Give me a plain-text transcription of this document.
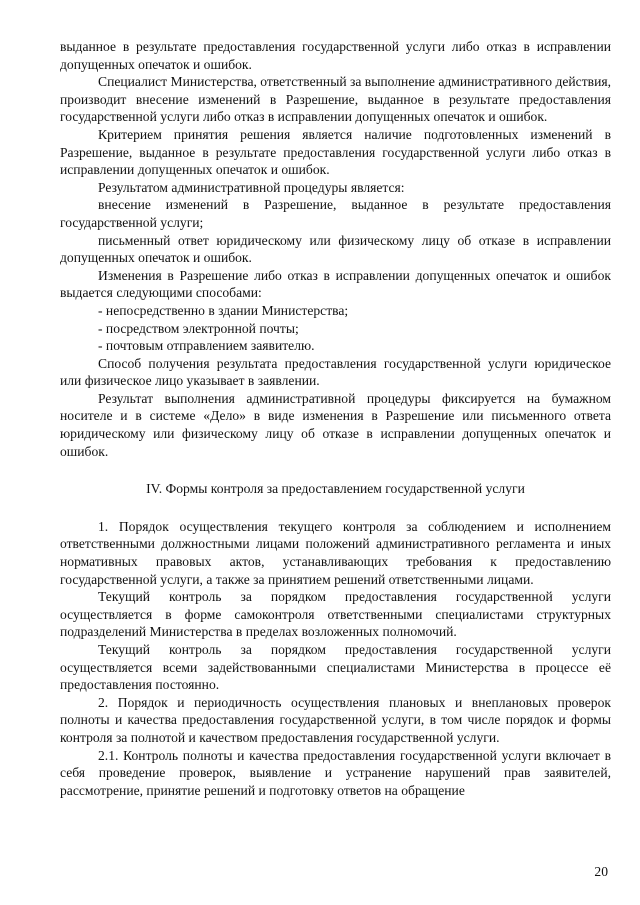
выданное в результате предоставления государственной услуги либо отказ в исправлении допущенных опечаток и ошибок.

Специалист Министерства, ответственный за выполнение административного действия, производит внесение изменений в Разрешение, выданное в результате предоставления государственной услуги либо отказ в исправлении допущенных опечаток и ошибок.

Критерием принятия решения является наличие подготовленных изменений в Разрешение, выданное в результате предоставления государственной услуги либо отказ в исправлении допущенных опечаток и ошибок.

Результатом административной процедуры является:

внесение изменений в Разрешение, выданное в результате предоставления государственной услуги;

письменный ответ юридическому или физическому лицу об отказе в исправлении допущенных опечаток и ошибок.

Изменения в Разрешение либо отказ в исправлении допущенных опечаток и ошибок выдается следующими способами:

- непосредственно в здании Министерства;

- посредством электронной почты;

- почтовым отправлением заявителю.

Способ получения результата предоставления государственной услуги юридическое или физическое лицо указывает в заявлении.

Результат выполнения административной процедуры фиксируется на бумажном носителе и в системе «Дело» в виде изменения в Разрешение или письменного ответа юридическому или физическому лицу об отказе в исправлении допущенных опечаток и ошибок.

IV. Формы контроля за предоставлением государственной услуги

1. Порядок осуществления текущего контроля за соблюдением и исполнением ответственными должностными лицами положений административного регламента и иных нормативных правовых актов, устанавливающих требования к предоставлению государственной услуги, а также за принятием решений ответственными лицами.

Текущий контроль за порядком предоставления государственной услуги осуществляется в форме самоконтроля ответственными специалистами структурных подразделений Министерства в пределах возложенных полномочий.

Текущий контроль за порядком предоставления государственной услуги осуществляется всеми задействованными специалистами Министерства в процессе её предоставления постоянно.

2. Порядок и периодичность осуществления плановых и внеплановых проверок полноты и качества предоставления государственной услуги, в том числе порядок и формы контроля за полнотой и качеством предоставления государственной услуги.

2.1. Контроль полноты и качества предоставления государственной услуги включает в себя проведение проверок, выявление и устранение нарушений прав заявителей, рассмотрение, принятие решений и подготовку ответов на обращение

20
